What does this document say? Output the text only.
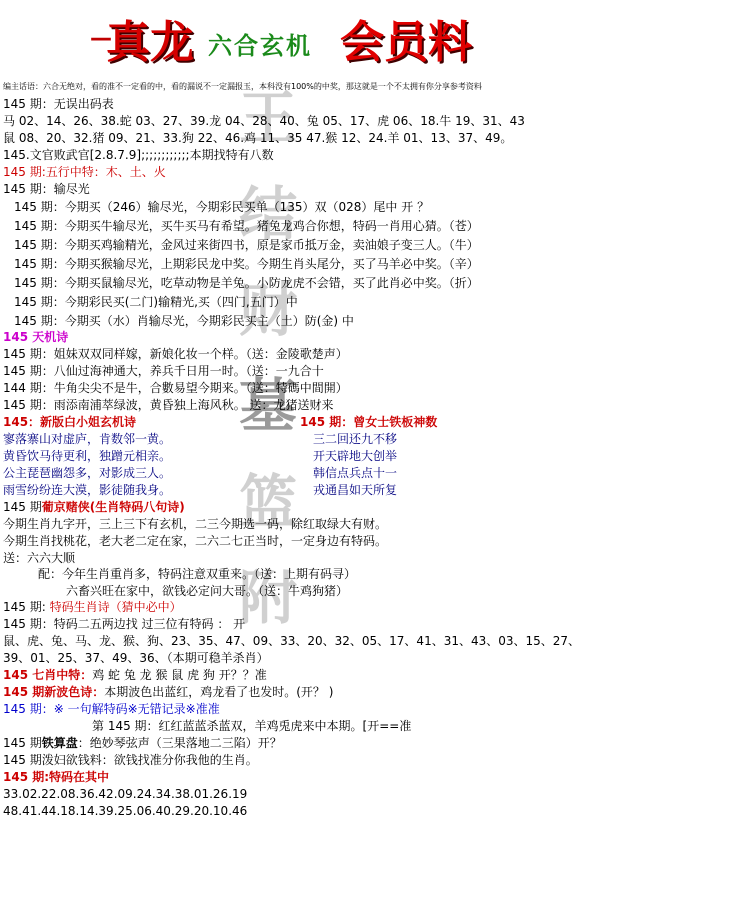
—
真龙 六合玄机 会员料
王
结
财
墓
篮
附
编主话语：六合无绝对，看的准不一定看的中，看的漏说不一定漏报玉，本科没有100%的中奖，那这就是一个不太拥有你分享参考资料
145 期：无误出码表
马 02、14、26、38.蛇 03、27、39.龙 04、28、40、兔 05、17、虎 06、18.牛 19、31、43
鼠 08、20、32.猪 09、21、33.狗 22、46.鸡 11、35 47.猴 12、24.羊 01、13、37、49。
145.文官败武官[2.8.7.9];;;;;;;;;;;;本期找特有八数
145 期:五行中特：木、土、火
145 期：输尽光
145 期：今期买（246）输尽光，今期彩民买单（135）双（028）尾中 开 ？
145 期：今期买牛输尽光，买牛买马有希望。猪兔龙鸡合你想，特码一肖用心猜。（苍）
145 期：今期买鸡输精光，金风过来街四书，原是家币抵万金，卖油娘子变三人。（牛）
145 期：今期买猴输尽光，上期彩民龙中奖。今期生肖头尾分，买了马羊必中奖。（辛）
145 期：今期买鼠输尽光，吃草动物是羊兔。小防龙虎不会错，买了此肖必中奖。（折）
145 期：今期彩民买(二门)输精光,买（四门,五门）中
145 期：今期买（水）肖输尽光，今期彩民买主（土）防(金) 中
145 天机诗
145 期：姐妹双双同样嫁，新娘化妆一个样。（送：金陵歌楚声）
145 期：八仙过海神通大，养兵千日用一时。（送：一九合十
144 期：牛角尖尖不是牛，合數易望今期来。（送：特碼中間開）
145 期：雨添南浦萃绿波，黄昏独上海风秋。 送：龙猪送财来
145：新版白小姐玄机诗
寥落寨山对虚庐，肯数邻一黄。
黄昏饮马待更利，独蹭元相亲。
公主琵琶幽怨多，对影成三人。
雨雪纷纷连大漠，影徒随我身。
145 期：曾女士铁板神数
三二回还九不移
开天辟地大创举
韩信点兵点十一
戎通昌如天所复
145 期葡京赌侠(生肖特码八句诗)
今期生肖九字开，三上三下有玄机，二三今期选一码，除红取绿大有财。
今期生肖找桃花，老大老二定在家，二六二七正当时，一定身边有特码。
送：六六大顺
配：今年生肖重肖多，特码注意双重来。（送：上期有码寻）
六畜兴旺在家中，欲钱必定问大哥。（送：牛鸡狗猪）
145 期: 特码生肖诗（猜中必中）
145 期：特码二五两边找 过三位有特码 ： 开
鼠、虎、兔、马、龙、猴、狗、23、35、47、09、33、20、32、05、17、41、31、43、03、15、27、
39、01、25、37、49、36、（本期可稳羊杀肖）
145 七肖中特：鸡 蛇 兔 龙 猴 鼠 虎 狗 开？？准
145 期新波色诗：本期波色出蓝红，鸡龙看了也发时。(开？ )
145 期：※ 一句解特码※无错记录※准准
第 145 期：红红蓝蓝杀蓝双，羊鸡兎虎来中本期。[开==准
145 期铁算盘：绝妙琴弦声（三果落地二三陷）开？
145 期泼妇欲钱料：欲钱找准分你我他的生肖。
145 期:特码在其中
33.02.22.08.36.42.09.24.34.38.01.26.19
48.41.44.18.14.39.25.06.40.29.20.10.46
